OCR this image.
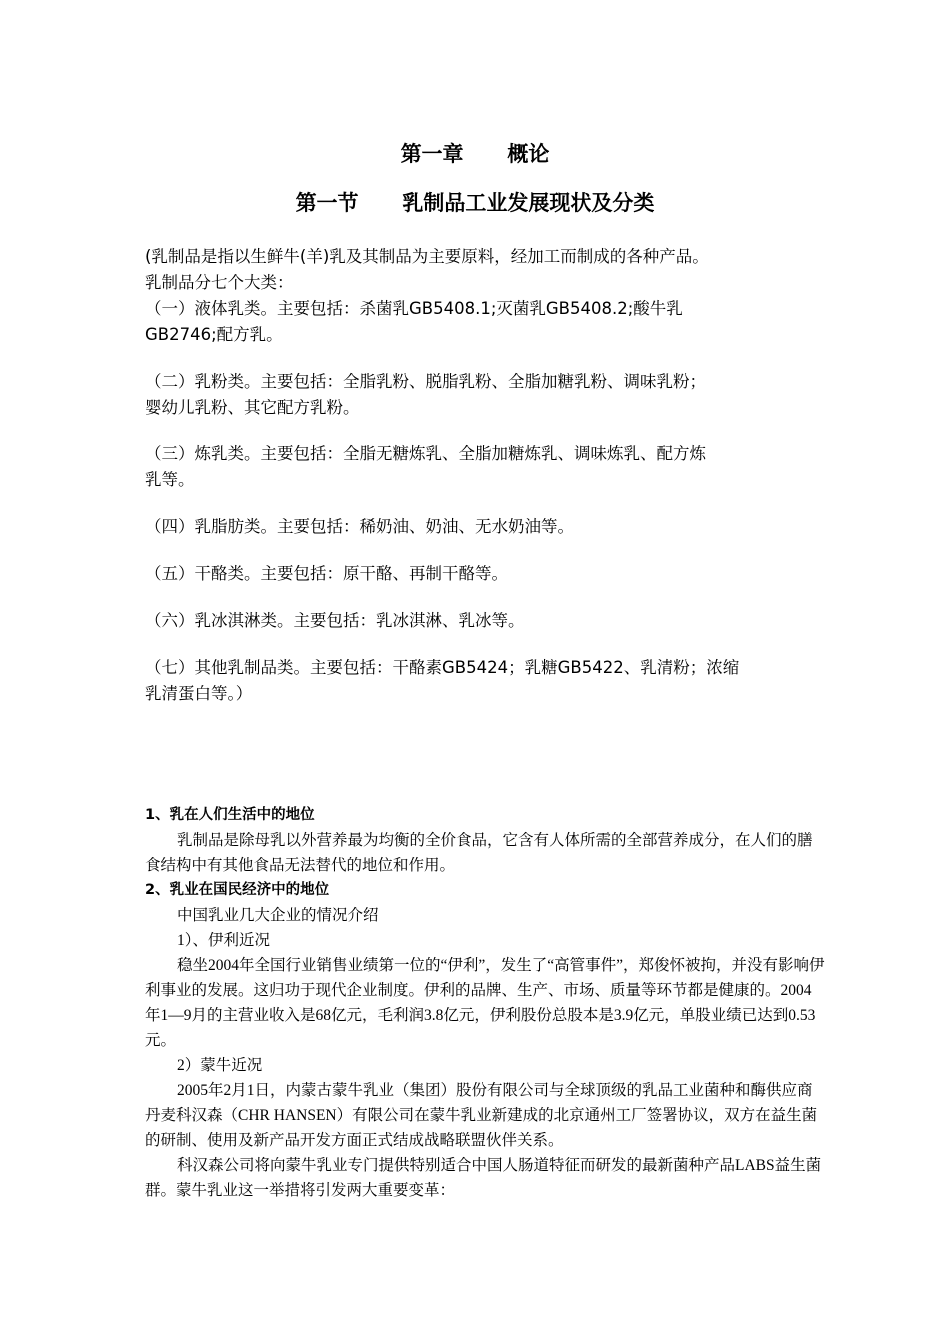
第一章      概论
第一节      乳制品工业发展现状及分类

(乳制品是指以生鲜牛(羊)乳及其制品为主要原料，经加工而制成的各种产品。
乳制品分七个大类：
（一）液体乳类。主要包括：杀菌乳GB5408.1;灭菌乳GB5408.2;酸牛乳
GB2746;配方乳。

（二）乳粉类。主要包括：全脂乳粉、脱脂乳粉、全脂加糖乳粉、调味乳粉；
婴幼儿乳粉、其它配方乳粉。

（三）炼乳类。主要包括：全脂无糖炼乳、全脂加糖炼乳、调味炼乳、配方炼
乳等。

（四）乳脂肪类。主要包括：稀奶油、奶油、无水奶油等。

（五）干酪类。主要包括：原干酪、再制干酪等。

（六）乳冰淇淋类。主要包括：乳冰淇淋、乳冰等。

（七）其他乳制品类。主要包括：干酪素GB5424；乳糖GB5422、乳清粉；浓缩
乳清蛋白等。）

1、乳在人们生活中的地位

乳制品是除母乳以外营养最为均衡的全价食品，它含有人体所需的全部营养成分，在人们的膳食结构中有其他食品无法替代的地位和作用。

2、乳业在国民经济中的地位

中国乳业几大企业的情况介绍

1）、伊利近况

稳坐2004年全国行业销售业绩第一位的“伊利”，发生了“高管事件”，郑俊怀被拘，并没有影响伊利事业的发展。这归功于现代企业制度。伊利的品牌、生产、市场、质量等环节都是健康的。2004年1—9月的主营业收入是68亿元，毛利润3.8亿元，伊利股份总股本是3.9亿元，单股业绩已达到0.53元。

2）蒙牛近况

2005年2月1日，内蒙古蒙牛乳业（集团）股份有限公司与全球顶级的乳品工业菌种和酶供应商丹麦科汉森（CHR HANSEN）有限公司在蒙牛乳业新建成的北京通州工厂签署协议，双方在益生菌的研制、使用及新产品开发方面正式结成战略联盟伙伴关系。

科汉森公司将向蒙牛乳业专门提供特别适合中国人肠道特征而研发的最新菌种产品LABS益生菌群。蒙牛乳业这一举措将引发两大重要变革：
